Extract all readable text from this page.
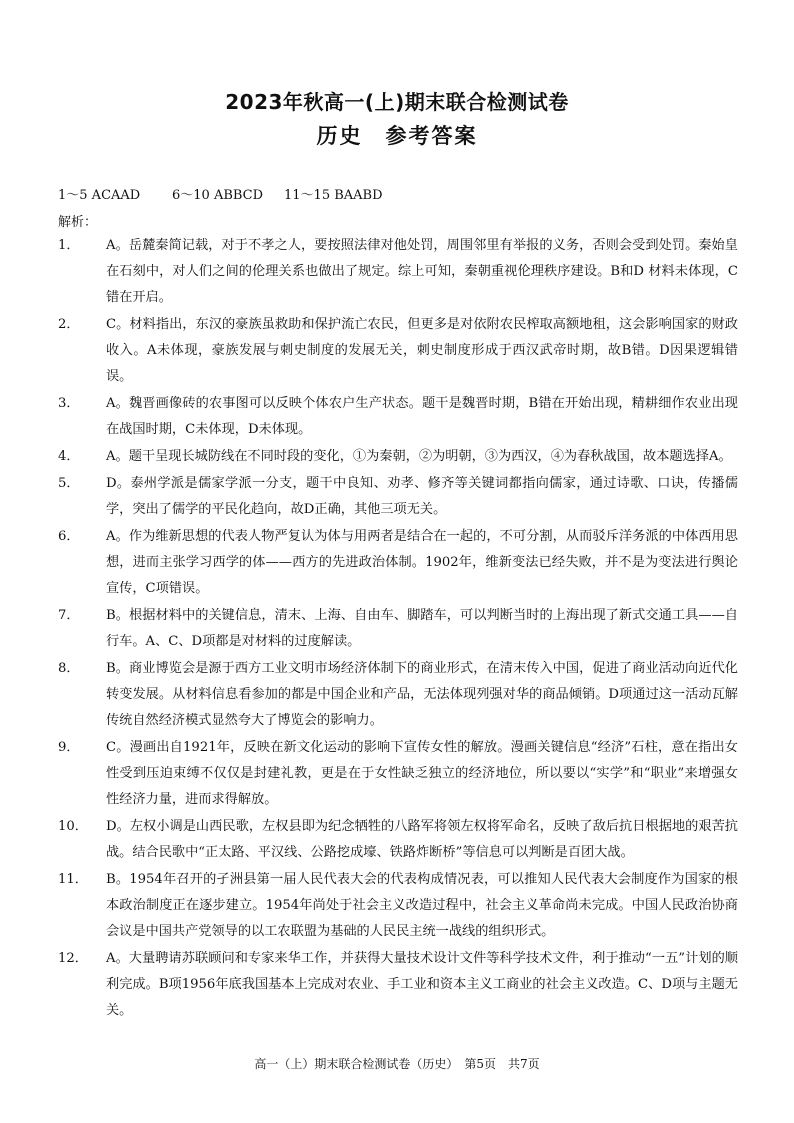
2023年秋高一(上)期末联合检测试卷
历史　参考答案
1～5 ACAAD 6～10 ABBCD 11～15 BAABD
解析：
1．	A。岳麓秦简记载，对于不孝之人，要按照法律对他处罚，周围邻里有举报的义务，否则会受到处罚。秦始皇在石刻中，对人们之间的伦理关系也做出了规定。综上可知，秦朝重视伦理秩序建设。B和D 材料未体现，C错在开启。
2．	C。材料指出，东汉的豪族虽救助和保护流亡农民，但更多是对依附农民榨取高额地租，这会影响国家的财政收入。A未体现，豪族发展与刺史制度的发展无关，刺史制度形成于西汉武帝时期，故B错。D因果逻辑错误。
3．	A。魏晋画像砖的农事图可以反映个体农户生产状态。题干是魏晋时期，B错在开始出现，精耕细作农业出现在战国时期，C未体现，D未体现。
4．	A。题干呈现长城防线在不同时段的变化，①为秦朝，②为明朝，③为西汉，④为春秋战国，故本题选择A。
5．	D。泰州学派是儒家学派一分支，题干中良知、劝孝、修齐等关键词都指向儒家，通过诗歌、口诀，传播儒学，突出了儒学的平民化趋向，故D正确，其他三项无关。
6．	A。作为维新思想的代表人物严复认为体与用两者是结合在一起的，不可分割，从而驳斥洋务派的中体西用思想，进而主张学习西学的体——西方的先进政治体制。1902年，维新变法已经失败，并不是为变法进行舆论宣传，C项错误。
7．	B。根据材料中的关键信息，清末、上海、自由车、脚踏车，可以判断当时的上海出现了新式交通工具——自行车。A、C、D项都是对材料的过度解读。
8．	B。商业博览会是源于西方工业文明市场经济体制下的商业形式，在清末传入中国，促进了商业活动向近代化转变发展。从材料信息看参加的都是中国企业和产品，无法体现列强对华的商品倾销。D项通过这一活动瓦解传统自然经济模式显然夸大了博览会的影响力。
9．	C。漫画出自1921年，反映在新文化运动的影响下宣传女性的解放。漫画关键信息“经济”石柱，意在指出女性受到压迫束缚不仅仅是封建礼教，更是在于女性缺乏独立的经济地位，所以要以“实学”和“职业”来增强女性经济力量，进而求得解放。
10．	D。左权小调是山西民歌，左权县即为纪念牺牲的八路军将领左权将军命名，反映了敌后抗日根据地的艰苦抗战。结合民歌中“正太路、平汉线、公路挖成壕、铁路炸断桥”等信息可以判断是百团大战。
11．	B。1954年召开的孑洲县第一届人民代表大会的代表构成情况表，可以推知人民代表大会制度作为国家的根本政治制度正在逐步建立。1954年尚处于社会主义改造过程中，社会主义革命尚未完成。中国人民政治协商会议是中国共产党领导的以工农联盟为基础的人民民主统一战线的组织形式。
12．	A。大量聘请苏联顾问和专家来华工作，并获得大量技术设计文件等科学技术文件，利于推动“一五”计划的顺利完成。B项1956年底我国基本上完成对农业、手工业和资本主义工商业的社会主义改造。C、D项与主题无关。
高一（上）期末联合检测试卷（历史）　第5页　共7页
